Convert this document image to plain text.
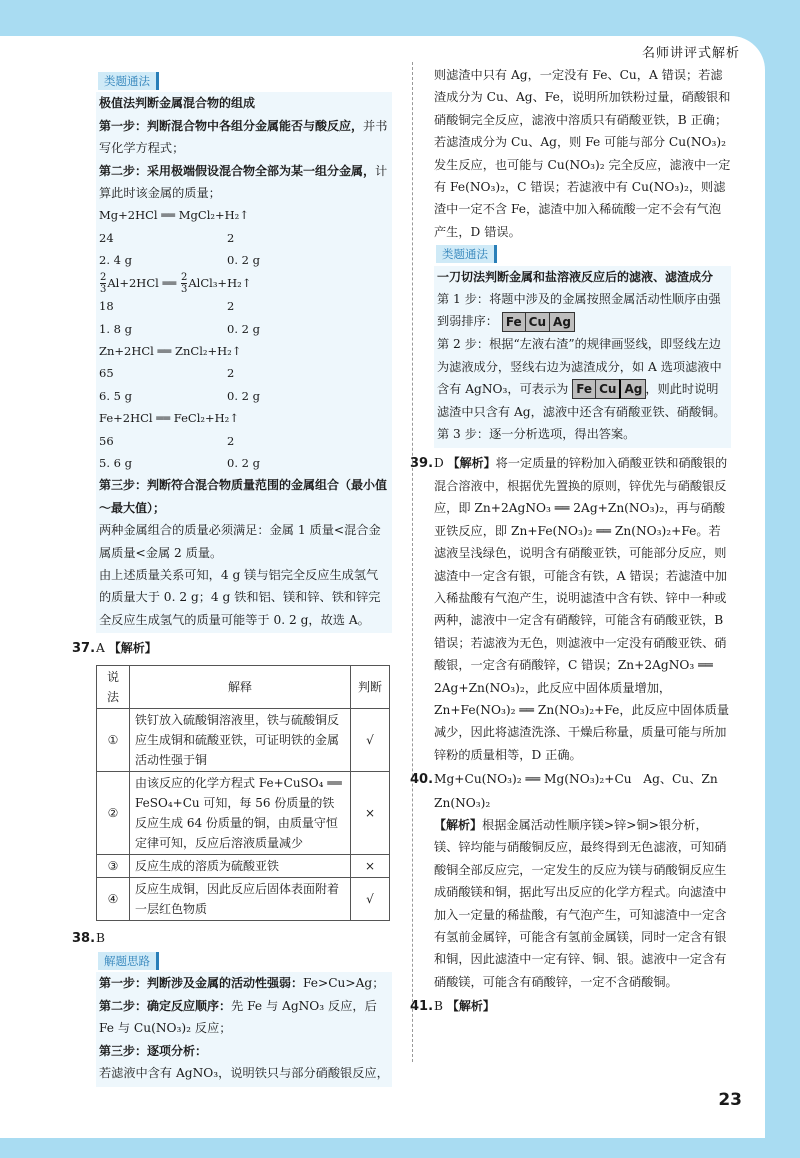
名师讲评式解析
类题通法

极值法判断金属混合物的组成

第一步：判断混合物中各组分金属能否与酸反应，并书写化学方程式；

第二步：采用极端假设混合物全部为某一组分金属，计算此时该金属的质量；

Mg+2HCl ══ MgCl₂+H₂↑

24	2

2. 4 g	0. 2 g

$\frac{2}{3} Al+2HCl$ ══ $\frac{2}{3}$ AlCl₃+H₂↑

18	2

1. 8 g	0. 2 g

Zn+2HCl ══ ZnCl₂+H₂↑

65	2

6. 5 g	0. 2 g

Fe+2HCl ══ FeCl₂+H₂↑

56	2

5. 6 g	0. 2 g

第三步：判断符合混合物质量范围的金属组合（最小值～最大值）；

两种金属组合的质量必须满足：金属 1 质量<混合金属质量<金属 2 质量。

由上述质量关系可知，4 g 镁与铝完全反应生成氢气的质量大于 0. 2 g；4 g 铁和铝、镁和锌、铁和锌完全反应生成氢气的质量可能等于 0. 2 g，故选 A。

37.A 【解析】

说法	解释	判断
①	铁钉放入硫酸铜溶液里，铁与硫酸铜反应生成铜和硫酸亚铁，可证明铁的金属活动性强于铜	√
②	由该反应的化学方程式 Fe+CuSO₄ ══ FeSO₄+Cu 可知，每 56 份质量的铁反应生成 64 份质量的铜，由质量守恒定律可知，反应后溶液质量减少	×
③	反应生成的溶质为硫酸亚铁	×
④	反应生成铜，因此反应后固体表面附着一层红色物质	√

38.B

解题思路

第一步：判断涉及金属的活动性强弱：Fe>Cu>Ag；

第二步：确定反应顺序：先 Fe 与 AgNO₃ 反应，后 Fe 与 Cu(NO₃)₂ 反应；

第三步：逐项分析：

若滤液中含有 AgNO₃，说明铁只与部分硝酸银反应，

则滤渣中只有 Ag，一定没有 Fe、Cu，A 错误；若滤渣成分为 Cu、Ag、Fe，说明所加铁粉过量，硝酸银和硝酸铜完全反应，滤液中溶质只有硝酸亚铁，B 正确；若滤渣成分为 Cu、Ag，则 Fe 可能与部分 Cu(NO₃)₂ 发生反应，也可能与 Cu(NO₃)₂ 完全反应，滤液中一定有 Fe(NO₃)₂，C 错误；若滤液中有 Cu(NO₃)₂，则滤渣中一定不含 Fe，滤渣中加入稀硫酸一定不会有气泡产生，D 错误。

类题通法

一刀切法判断金属和盐溶液反应后的滤液、滤渣成分

第 1 步：将题中涉及的金属按照金属活动性顺序由强到弱排序： Fe Cu Ag

第 2 步：根据“左液右渣”的规律画竖线，即竖线左边为滤液成分，竖线右边为滤渣成分，如 A 选项滤液中含有 AgNO₃，可表示为 Fe Cu Ag ，则此时说明滤渣中只含有 Ag，滤液中还含有硝酸亚铁、硝酸铜。

第 3 步：逐一分析选项，得出答案。

39.D 【解析】将一定质量的锌粉加入硝酸亚铁和硝酸银的混合溶液中，根据优先置换的原则，锌优先与硝酸银反应，即 Zn+2AgNO₃ ══ 2Ag+Zn(NO₃)₂，再与硝酸亚铁反应，即 Zn+Fe(NO₃)₂ ══ Zn(NO₃)₂+Fe。若滤液呈浅绿色，说明含有硝酸亚铁，可能部分反应，则滤渣中一定含有银，可能含有铁，A 错误；若滤渣中加入稀盐酸有气泡产生，说明滤渣中含有铁、锌中一种或两种，滤液中一定含有硝酸锌，可能含有硝酸亚铁，B 错误；若滤液为无色，则滤液中一定没有硝酸亚铁、硝酸银，一定含有硝酸锌，C 错误；Zn+2AgNO₃ ══ 2Ag+Zn(NO₃)₂，此反应中固体质量增加，Zn+Fe(NO₃)₂ ══ Zn(NO₃)₂+Fe，此反应中固体质量减少，因此将滤渣洗涤、干燥后称量，质量可能与所加锌粉的质量相等，D 正确。

40.Mg+Cu(NO₃)₂ ══ Mg(NO₃)₂+Cu Ag、Cu、Zn Zn(NO₃)₂

【解析】根据金属活动性顺序镁>锌>铜>银分析，镁、锌均能与硝酸铜反应，最终得到无色滤液，可知硝酸铜全部反应完，一定发生的反应为镁与硝酸铜反应生成硝酸镁和铜，据此写出反应的化学方程式。向滤渣中加入一定量的稀盐酸，有气泡产生，可知滤渣中一定含有氢前金属锌，可能含有氢前金属镁，同时一定含有银和铜，因此滤渣中一定有锌、铜、银。滤液中一定含有硝酸镁，可能含有硝酸锌，一定不含硝酸铜。

41.B 【解析】

23
